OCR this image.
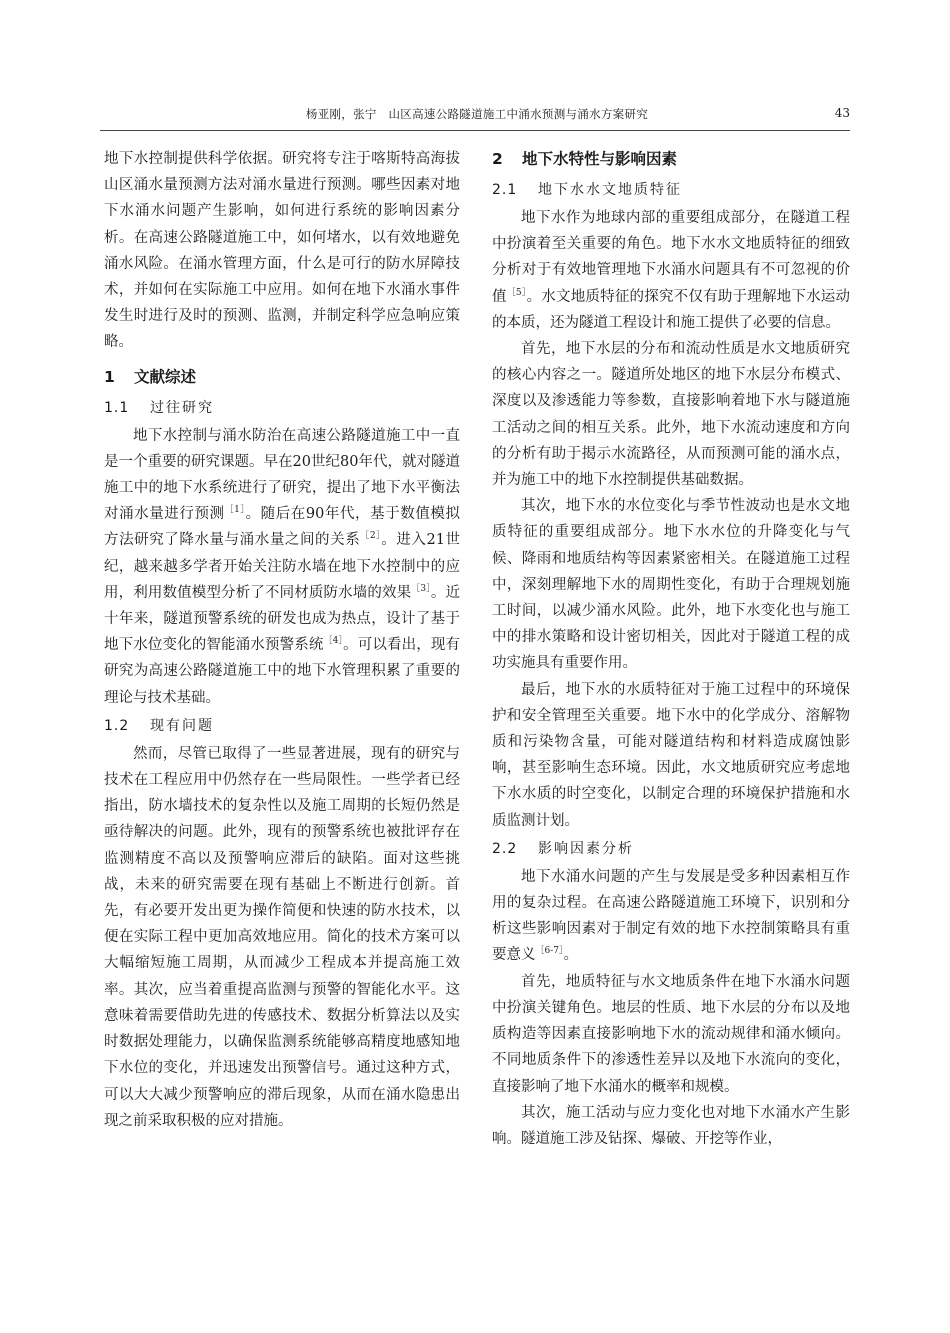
杨亚刚，张宁　山区高速公路隧道施工中涌水预测与涌水方案研究	43

地下水控制提供科学依据。研究将专注于喀斯特高海拔山区涌水量预测方法对涌水量进行预测。哪些因素对地下水涌水问题产生影响，如何进行系统的影响因素分析。在高速公路隧道施工中，如何堵水，以有效地避免涌水风险。在涌水管理方面，什么是可行的防水屏障技术，并如何在实际施工中应用。如何在地下水涌水事件发生时进行及时的预测、监测，并制定科学应急响应策略。

1 文献综述
1.1 过往研究

地下水控制与涌水防治在高速公路隧道施工中一直是一个重要的研究课题。早在20世纪80年代，就对隧道施工中的地下水系统进行了研究，提出了地下水平衡法对涌水量进行预测$^{[1]}$。随后在90年代，基于数值模拟方法研究了降水量与涌水量之间的关系$^{[2]}$。进入21世纪，越来越多学者开始关注防水墙在地下水控制中的应用，利用数值模型分析了不同材质防水墙的效果$^{[3]}$。近十年来，隧道预警系统的研发也成为热点，设计了基于地下水位变化的智能涌水预警系统$^{[4]}$。可以看出，现有研究为高速公路隧道施工中的地下水管理积累了重要的理论与技术基础。

1.2 现有问题

然而，尽管已取得了一些显著进展，现有的研究与技术在工程应用中仍然存在一些局限性。一些学者已经指出，防水墙技术的复杂性以及施工周期的长短仍然是亟待解决的问题。此外，现有的预警系统也被批评存在监测精度不高以及预警响应滞后的缺陷。面对这些挑战，未来的研究需要在现有基础上不断进行创新。首先，有必要开发出更为操作简便和快速的防水技术，以便在实际工程中更加高效地应用。简化的技术方案可以大幅缩短施工周期，从而减少工程成本并提高施工效率。其次，应当着重提高监测与预警的智能化水平。这意味着需要借助先进的传感技术、数据分析算法以及实时数据处理能力，以确保监测系统能够高精度地感知地下水位的变化，并迅速发出预警信号。通过这种方式，可以大大减少预警响应的滞后现象，从而在涌水隐患出现之前采取积极的应对措施。

2 地下水特性与影响因素
2.1 地下水水文地质特征

地下水作为地球内部的重要组成部分，在隧道工程中扮演着至关重要的角色。地下水水文地质特征的细致分析对于有效地管理地下水涌水问题具有不可忽视的价值$^{[5]}$。水文地质特征的探究不仅有助于理解地下水运动的本质，还为隧道工程设计和施工提供了必要的信息。

首先，地下水层的分布和流动性质是水文地质研究的核心内容之一。隧道所处地区的地下水层分布模式、深度以及渗透能力等参数，直接影响着地下水与隧道施工活动之间的相互关系。此外，地下水流动速度和方向的分析有助于揭示水流路径，从而预测可能的涌水点，并为施工中的地下水控制提供基础数据。

其次，地下水的水位变化与季节性波动也是水文地质特征的重要组成部分。地下水水位的升降变化与气候、降雨和地质结构等因素紧密相关。在隧道施工过程中，深刻理解地下水的周期性变化，有助于合理规划施工时间，以减少涌水风险。此外，地下水变化也与施工中的排水策略和设计密切相关，因此对于隧道工程的成功实施具有重要作用。

最后，地下水的水质特征对于施工过程中的环境保护和安全管理至关重要。地下水中的化学成分、溶解物质和污染物含量，可能对隧道结构和材料造成腐蚀影响，甚至影响生态环境。因此，水文地质研究应考虑地下水水质的时空变化，以制定合理的环境保护措施和水质监测计划。

2.2 影响因素分析

地下水涌水问题的产生与发展是受多种因素相互作用的复杂过程。在高速公路隧道施工环境下，识别和分析这些影响因素对于制定有效的地下水控制策略具有重要意义$^{[6-7]}$。

首先，地质特征与水文地质条件在地下水涌水问题中扮演关键角色。地层的性质、地下水层的分布以及地质构造等因素直接影响地下水的流动规律和涌水倾向。不同地质条件下的渗透性差异以及地下水流向的变化，直接影响了地下水涌水的概率和规模。

其次，施工活动与应力变化也对地下水涌水产生影响。隧道施工涉及钻探、爆破、开挖等作业，
